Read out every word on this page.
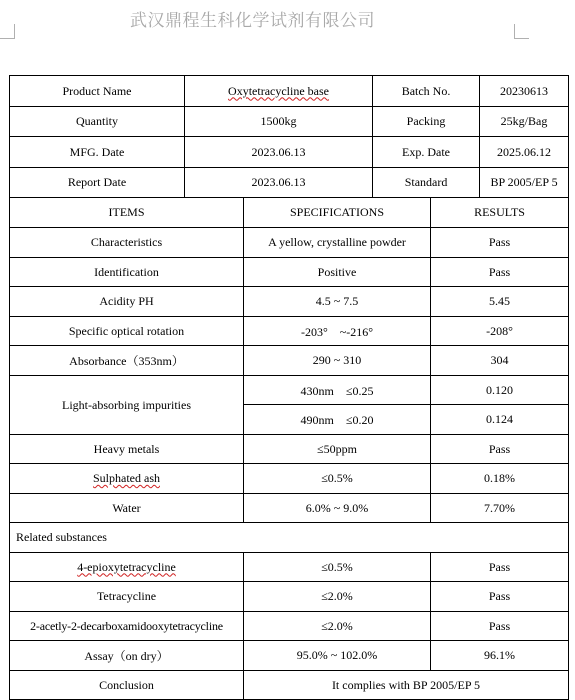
武汉鼎程生科化学试剂有限公司
Product Name	Oxytetracycline base		Batch No. 20230613	

Quantity	1500kg		Packing 25kg/Bag	

MFG. Date	2023.06.13		Exp. Date 2025.06.12	

Report Date	2023.06.13		Standard BP 2005/EP 5	

ITEMS		SPECIFICATIONS		RESULTS
Characteristics		A yellow, crystalline powder		Pass
Identification		Positive		Pass
Acidity PH		4.5 ~ 7.5		5.45
Specific optical rotation		-203°　~-216°		-208°
Absorbance（353nm）		290 ~ 310		304
Light-absorbing impurities		430nm　≤0.25		0.120
		490nm　≤0.20		0.124
Heavy metals		≤50ppm		Pass
Sulphated ash		≤0.5%		0.18%
Water		6.0% ~ 9.0%		7.70%
Related substances				
4-epioxytetracycline		≤0.5%		Pass
Tetracycline		≤2.0%		Pass
2-acetly-2-decarboxamidooxytetracycline		≤2.0%		Pass
Assay（on dry）		95.0% ~ 102.0%		96.1%
Conclusion		It complies with BP 2005/EP 5		
